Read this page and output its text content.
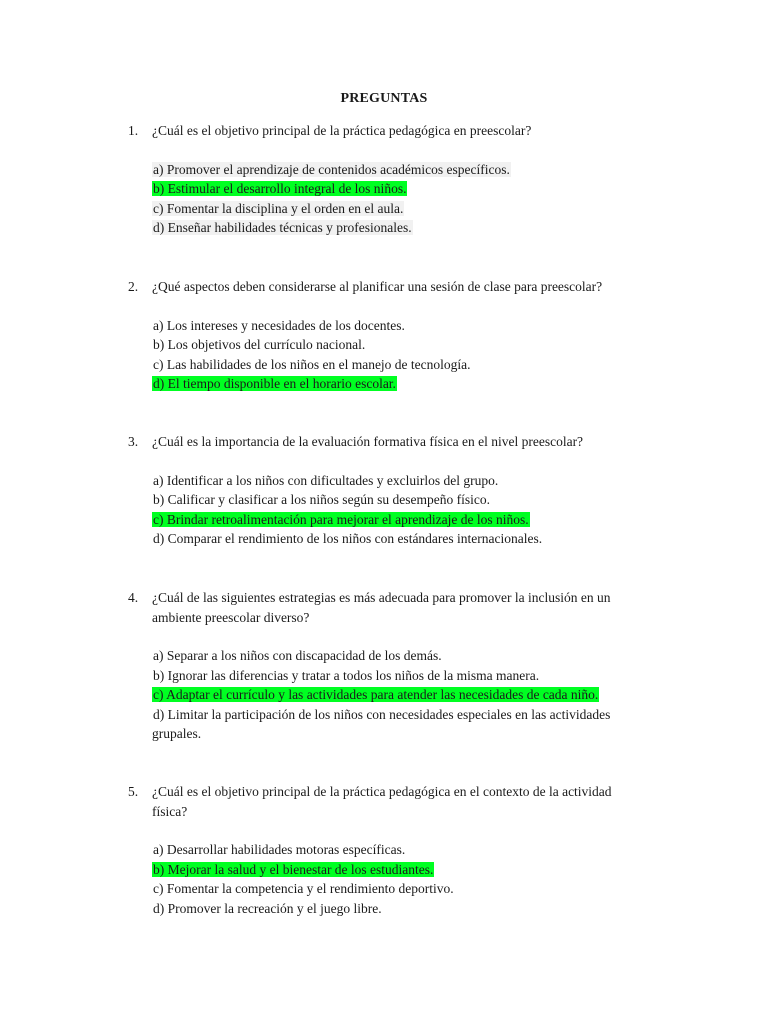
PREGUNTAS
1.	¿Cuál es el objetivo principal de la práctica pedagógica en preescolar?
a) Promover el aprendizaje de contenidos académicos específicos.
b) Estimular el desarrollo integral de los niños.
c) Fomentar la disciplina y el orden en el aula.
d) Enseñar habilidades técnicas y profesionales.
2.	¿Qué aspectos deben considerarse al planificar una sesión de clase para preescolar?
a) Los intereses y necesidades de los docentes.
b) Los objetivos del currículo nacional.
c) Las habilidades de los niños en el manejo de tecnología.
d) El tiempo disponible en el horario escolar.
3.	¿Cuál es la importancia de la evaluación formativa física en el nivel preescolar?
a) Identificar a los niños con dificultades y excluirlos del grupo.
b) Calificar y clasificar a los niños según su desempeño físico.
c) Brindar retroalimentación para mejorar el aprendizaje de los niños.
d) Comparar el rendimiento de los niños con estándares internacionales.
4.	¿Cuál de las siguientes estrategias es más adecuada para promover la inclusión en un ambiente preescolar diverso?
a) Separar a los niños con discapacidad de los demás.
b) Ignorar las diferencias y tratar a todos los niños de la misma manera.
c) Adaptar el currículo y las actividades para atender las necesidades de cada niño.
d) Limitar la participación de los niños con necesidades especiales en las actividades grupales.
5.	¿Cuál es el objetivo principal de la práctica pedagógica en el contexto de la actividad física?
a) Desarrollar habilidades motoras específicas.
b) Mejorar la salud y el bienestar de los estudiantes.
c) Fomentar la competencia y el rendimiento deportivo.
d) Promover la recreación y el juego libre.
